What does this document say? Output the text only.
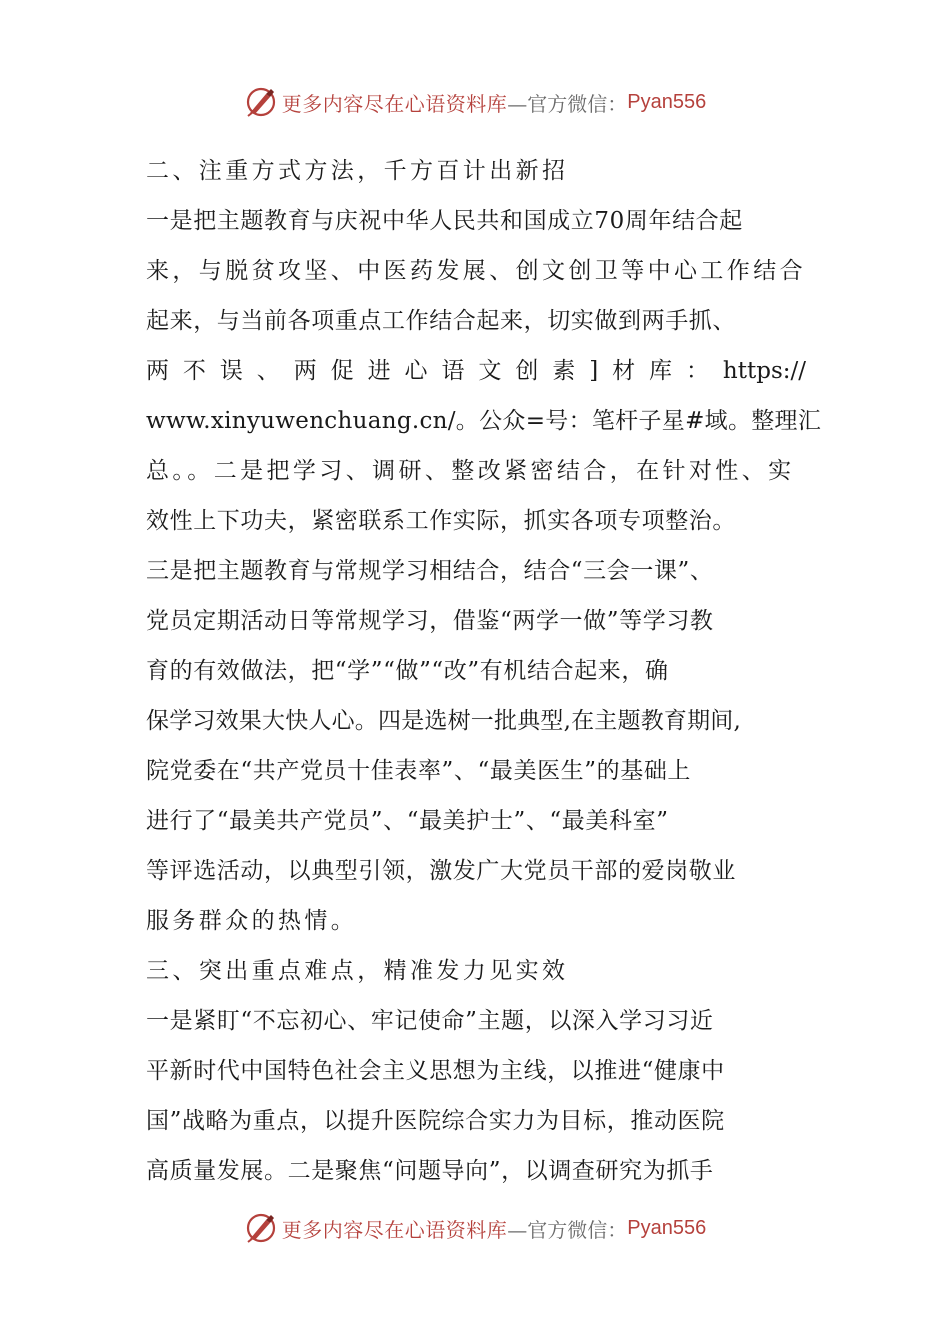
更多内容尽在心语资料库 —官方微信： Pyan556
二、注重方式方法，千方百计出新招
一是把主题教育与庆祝中华人民共和国成立70周年结合起
来，与脱贫攻坚、中医药发展、创文创卫等中心工作结合
起来，与当前各项重点工作结合起来，切实做到两手抓、
两不误、两促进心语文创素]材库：https://
www.xinyuwenchuang.cn/。公众=号：笔杆子星#域。整理汇
总。。二是把学习、调研、整改紧密结合，在针对性、实
效性上下功夫，紧密联系工作实际，抓实各项专项整治。
三是把主题教育与常规学习相结合，结合“三会一课”、
党员定期活动日等常规学习，借鉴“两学一做”等学习教
育的有效做法，把“学”“做”“改”有机结合起来，确
保学习效果大快人心。四是选树一批典型,在主题教育期间,
院党委在“共产党员十佳表率”、“最美医生”的基础上
进行了“最美共产党员”、“最美护士”、“最美科室”
等评选活动，以典型引领，激发广大党员干部的爱岗敬业
服务群众的热情。
三、突出重点难点，精准发力见实效
一是紧盯“不忘初心、牢记使命”主题，以深入学习习近
平新时代中国特色社会主义思想为主线，以推进“健康中
国”战略为重点，以提升医院综合实力为目标，推动医院
高质量发展。二是聚焦“问题导向”，以调查研究为抓手
更多内容尽在心语资料库 —官方微信： Pyan556
